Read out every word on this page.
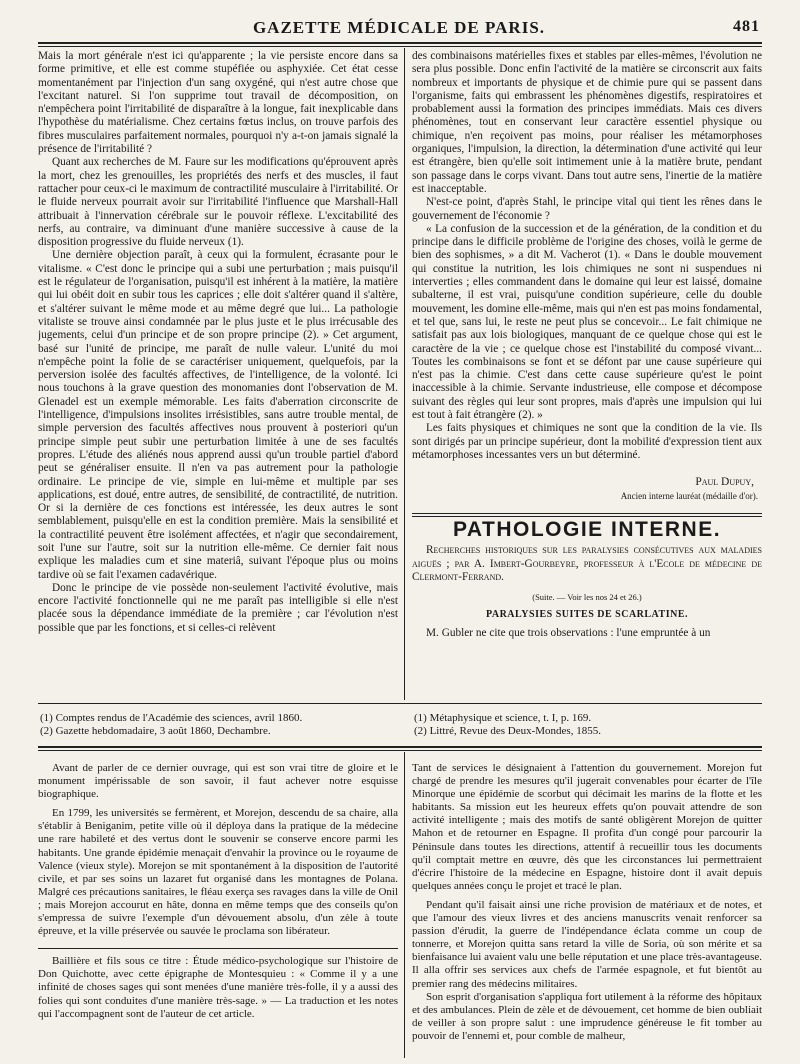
GAZETTE MÉDICALE DE PARIS.	481

Mais la mort générale n'est ici qu'apparente ; la vie persiste encore dans sa forme primitive, et elle est comme stupéfiée ou asphyxiée. Cet état cesse momentanément par l'injection d'un sang oxygéné, qui n'est autre chose que l'excitant naturel. Si l'on supprime tout travail de décomposition, on n'empêchera point l'irritabilité de disparaître à la longue, fait inexplicable dans l'hypothèse du matérialisme. Chez certains fœtus inclus, on trouve parfois des fibres musculaires parfaitement normales, pourquoi n'y a-t-on jamais signalé la présence de l'irritabilité ?

Quant aux recherches de M. Faure sur les modifications qu'éprouvent après la mort, chez les grenouilles, les propriétés des nerfs et des muscles, il faut rattacher pour ceux-ci le maximum de contractilité musculaire à l'irritabilité. Or le fluide nerveux pourrait avoir sur l'irritabilité l'influence que Marshall-Hall attribuait à l'innervation cérébrale sur le pouvoir réflexe. L'excitabilité des nerfs, au contraire, va diminuant d'une manière successive à cause de la disposition progressive du fluide nerveux (1).

Une dernière objection paraît, à ceux qui la formulent, écrasante pour le vitalisme. « C'est donc le principe qui a subi une perturbation ; mais puisqu'il est le régulateur de l'organisation, puisqu'il est inhérent à la matière, la matière qui lui obéit doit en subir tous les caprices ; elle doit s'altérer quand il s'altère, et s'altérer suivant le même mode et au même degré que lui... La pathologie vitaliste se trouve ainsi condamnée par le plus juste et le plus irrécusable des jugements, celui d'un principe et de son propre principe (2). » Cet argument, basé sur l'unité de principe, me paraît de nulle valeur. L'unité du moi n'empêche point la folie de se caractériser uniquement, quelquefois, par la perversion isolée des facultés affectives, de l'intelligence, de la volonté. Ici nous touchons à la grave question des monomanies dont l'observation de M. Glenadel est un exemple mémorable. Les faits d'aberration circonscrite de l'intelligence, d'impulsions insolites irrésistibles, sans autre trouble mental, de simple perversion des facultés affectives nous prouvent à posteriori qu'un principe simple peut subir une perturbation limitée à une de ses facultés propres. L'étude des aliénés nous apprend aussi qu'un trouble partiel d'abord peut se généraliser ensuite. Il n'en va pas autrement pour la pathologie ordinaire. Le principe de vie, simple en lui-même et multiple par ses applications, est doué, entre autres, de sensibilité, de contractilité, de nutrition. Or si la dernière de ces fonctions est intéressée, les deux autres le sont semblablement, puisqu'elle en est la condition première. Mais la sensibilité et la contractilité peuvent être isolément affectées, et n'agir que secondairement, soit l'une sur l'autre, soit sur la nutrition elle-même. Ce dernier fait nous explique les maladies cum et sine materiâ, suivant l'époque plus ou moins tardive où se fait l'examen cadavérique.

Donc le principe de vie possède non-seulement l'activité évolutive, mais encore l'activité fonctionnelle qui ne me paraît pas intelligible si elle n'est placée sous la dépendance immédiate de la première ; car l'évolution n'est possible que par les fonctions, et si celles-ci relèvent

des combinaisons matérielles fixes et stables par elles-mêmes, l'évolution ne sera plus possible. Donc enfin l'activité de la matière se circonscrit aux faits nombreux et importants de physique et de chimie pure qui se passent dans l'organisme, faits qui embrassent les phénomènes digestifs, respiratoires et probablement aussi la formation des principes immédiats. Mais ces divers phénomènes, tout en conservant leur caractère essentiel physique ou chimique, n'en reçoivent pas moins, pour réaliser les métamorphoses organiques, l'impulsion, la direction, la détermination d'une activité qui leur est étrangère, bien qu'elle soit intimement unie à la matière brute, pendant son passage dans le corps vivant. Dans tout autre sens, l'inertie de la matière est inacceptable.

N'est-ce point, d'après Stahl, le principe vital qui tient les rênes dans le gouvernement de l'économie ?

« La confusion de la succession et de la génération, de la condition et du principe dans le difficile problème de l'origine des choses, voilà le germe de bien des sophismes, » a dit M. Vacherot (1). « Dans le double mouvement qui constitue la nutrition, les lois chimiques ne sont ni suspendues ni interverties ; elles commandent dans le domaine qui leur est laissé, domaine subalterne, il est vrai, puisqu'une condition supérieure, celle du double mouvement, les domine elle-même, mais qui n'en est pas moins fondamental, et tel que, sans lui, le reste ne peut plus se concevoir... Le fait chimique ne satisfait pas aux lois biologiques, manquant de ce quelque chose qui est le caractère de la vie ; ce quelque chose est l'instabilité du composé vivant... Toutes les combinaisons se font et se défont par une cause supérieure qui n'est pas la chimie. C'est dans cette cause supérieure qu'est le point inaccessible à la chimie. Servante industrieuse, elle compose et décompose suivant des règles qui leur sont propres, mais d'après une impulsion qui lui est tout à fait étrangère (2). »

Les faits physiques et chimiques ne sont que la condition de la vie. Ils sont dirigés par un principe supérieur, dont la mobilité d'expression tient aux métamorphoses incessantes vers un but déterminé.

Paul Dupuy,
Ancien interne lauréat (médaille d'or).
PATHOLOGIE INTERNE.

Recherches historiques sur les paralysies consécutives aux maladies aiguës ; par A. Imbert-Gourbeyre, professeur à l'Ecole de médecine de Clermont-Ferrand.

(Suite. — Voir les nos 24 et 26.)
PARALYSIES SUITES DE SCARLATINE.

M. Gubler ne cite que trois observations : l'une empruntée à un

(1) Comptes rendus de l'Académie des sciences, avril 1860.
(2) Gazette hebdomadaire, 3 août 1860, Dechambre.
(1) Métaphysique et science, t. I, p. 169.
(2) Littré, Revue des Deux-Mondes, 1855.

Avant de parler de ce dernier ouvrage, qui est son vrai titre de gloire et le monument impérissable de son savoir, il faut achever notre esquisse biographique.

En 1799, les universités se fermèrent, et Morejon, descendu de sa chaire, alla s'établir à Beniganim, petite ville où il déploya dans la pratique de la médecine une rare habileté et des vertus dont le souvenir se conserve encore parmi les habitants. Une grande épidémie menaçait d'envahir la province ou le royaume de Valence (vieux style). Morejon se mit spontanément à la disposition de l'autorité civile, et par ses soins un lazaret fut organisé dans les montagnes de Polana. Malgré ces précautions sanitaires, le fléau exerça ses ravages dans la ville de Onil ; mais Morejon accourut en hâte, donna en même temps que des conseils qu'on s'empressa de suivre l'exemple d'un dévouement absolu, d'un zèle à toute épreuve, et la ville préservée ou sauvée le proclama son libérateur.

Baillière et fils sous ce titre : Étude médico-psychologique sur l'histoire de Don Quichotte, avec cette épigraphe de Montesquieu : « Comme il y a une infinité de choses sages qui sont menées d'une manière très-folle, il y a aussi des folies qui sont conduites d'une manière très-sage. » — La traduction et les notes qui l'accompagnent sont de l'auteur de cet article.

Tant de services le désignaient à l'attention du gouvernement. Morejon fut chargé de prendre les mesures qu'il jugerait convenables pour écarter de l'île Minorque une épidémie de scorbut qui décimait les marins de la flotte et les habitants. Sa mission eut les heureux effets qu'on pouvait attendre de son activité intelligente ; mais des motifs de santé obligèrent Morejon de quitter Mahon et de retourner en Espagne. Il profita d'un congé pour parcourir la Péninsule dans toutes les directions, attentif à recueillir tous les documents qu'il comptait mettre en œuvre, dès que les circonstances lui permettraient d'écrire l'histoire de la médecine en Espagne, histoire dont il avait depuis quelques années conçu le projet et tracé le plan.

Pendant qu'il faisait ainsi une riche provision de matériaux et de notes, et que l'amour des vieux livres et des anciens manuscrits venait renforcer sa passion d'érudit, la guerre de l'indépendance éclata comme un coup de tonnerre, et Morejon quitta sans retard la ville de Soria, où son mérite et sa bienfaisance lui avaient valu une belle réputation et une place très-avantageuse. Il alla offrir ses services aux chefs de l'armée espagnole, et fut bientôt au premier rang des médecins militaires.

Son esprit d'organisation s'appliqua fort utilement à la réforme des hôpitaux et des ambulances. Plein de zèle et de dévouement, cet homme de bien oubliait de veiller à son propre salut : une imprudence généreuse le fit tomber au pouvoir de l'ennemi et, pour comble de malheur,
